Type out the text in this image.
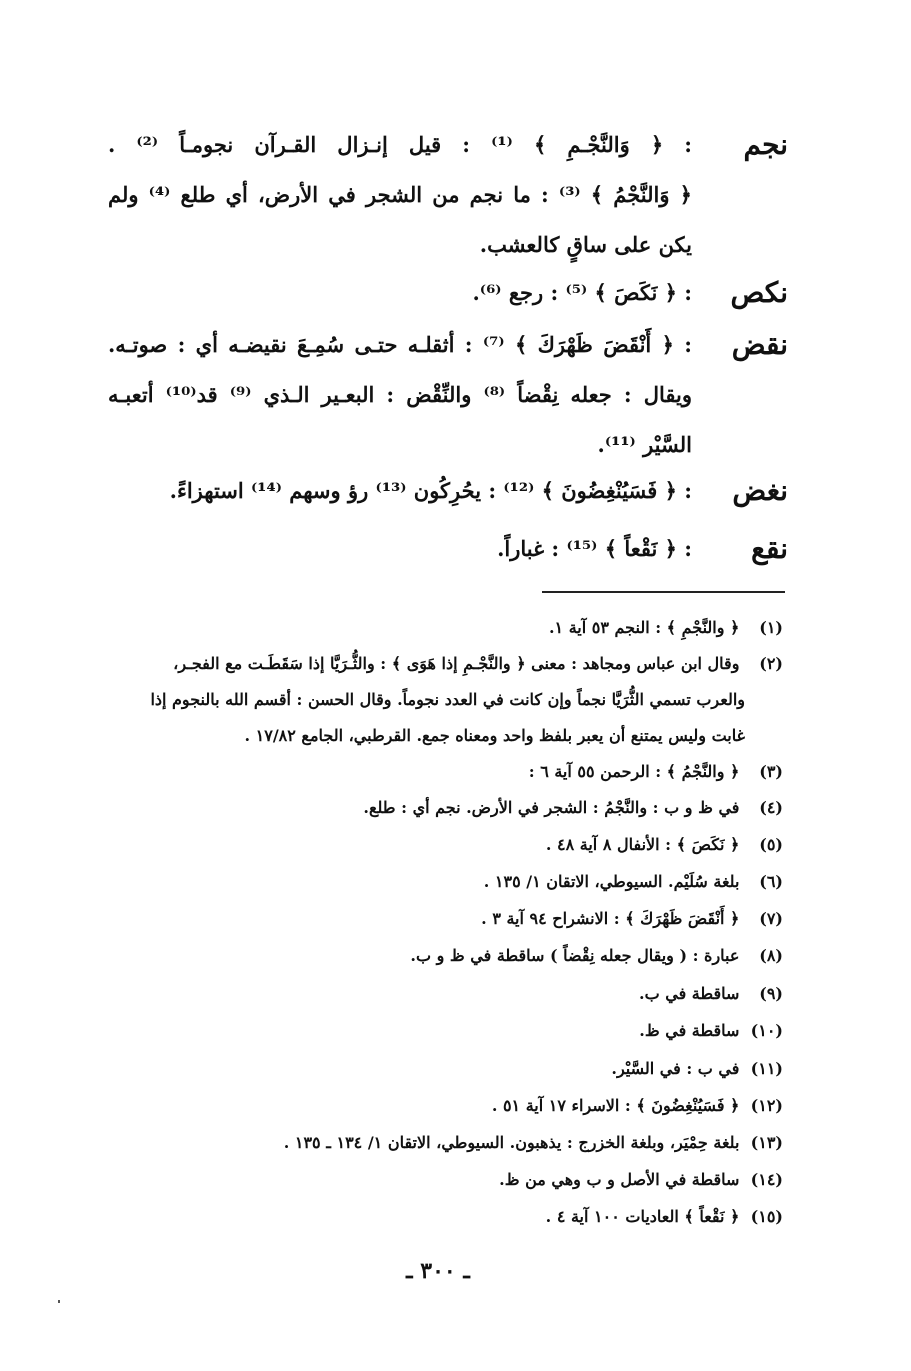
نجم
: ﴿ وَالنَّجْـمِ ﴾ ⁽¹⁾ : قيل إنـزال القـرآن نجومـاً ⁽²⁾ .
﴿ وَالنَّجْمُ ﴾ ⁽³⁾ : ما نجم من الشجر في الأرض، أي طلع ⁽⁴⁾ ولم
يكن على ساقٍ كالعشب.
نكص
: ﴿ نَكَصَ ﴾ ⁽⁵⁾ : رجع ⁽⁶⁾.
نقض
: ﴿ أَنْقَضَ ظَهْرَكَ ﴾ ⁽⁷⁾ : أثقلـه حتـى سُمِـعَ نقيضـه أي : صوتـه.
ويقال : جعله نِقْضاً ⁽⁸⁾ والنِّقْض : البعـير الـذي ⁽⁹⁾ قد⁽¹⁰⁾ أتعبـه
السَّيْر ⁽¹¹⁾.
نغض
: ﴿ فَسَيُنْغِضُونَ ﴾ ⁽¹²⁾ : يحُرِكُون ⁽¹³⁾ رؤ وسهم ⁽¹⁴⁾ استهزاءً.
نقع
: ﴿ نَقْعاً ﴾ ⁽¹⁵⁾ : غباراً.
(١) ﴿ والنَّجْمِ ﴾ : النجم ٥٣ آية ١.
(٢) وقال ابن عباس ومجاهد : معنى ﴿ والنَّجْـمِ إذا هَوَى ﴾ : والثُّـرَيَّا إذا سَقَطَـت مع الفجـر،
والعرب تسمي الثُّرَيَّا نجماً وإن كانت في العدد نجوماً. وقال الحسن : أقسم الله بالنجوم إذا
غابت وليس يمتنع أن يعبر بلفظ واحد ومعناه جمع. القرطبي، الجامع ١٧/٨٢ .
(٣) ﴿ والنَّجْمُ ﴾ : الرحمن ٥٥ آية ٦ :
(٤) في ظ و ب : والنَّجْمُ : الشجر في الأرض. نجم أي : طلع.
(٥) ﴿ نَكَصَ ﴾ : الأنفال ٨ آية ٤٨ .
(٦) بلغة سُلَيْم. السيوطي، الاتقان ١/ ١٣٥ .
(٧) ﴿ أَنْقَضَ ظَهْرَكَ ﴾ : الانشراح ٩٤ آية ٣ .
(٨) عبارة : ( ويقال جعله نِقْضاً ) ساقطة في ظ و ب.
(٩) ساقطة في ب.
(١٠) ساقطة في ظ.
(١١) في ب : في السَّيْر.
(١٢) ﴿ فَسَيُنْغِضُونَ ﴾ : الاسراء ١٧ آية ٥١ .
(١٣) بلغة حِمْيَر، وبلغة الخزرج : يذهبون. السيوطي، الاتقان ١/ ١٣٤ ـ ١٣٥ .
(١٤) ساقطة في الأصل و ب وهي من ظ.
(١٥) ﴿ نَقْعاً ﴾ العاديات ١٠٠ آية ٤ .
ـ ٣٠٠ ـ
